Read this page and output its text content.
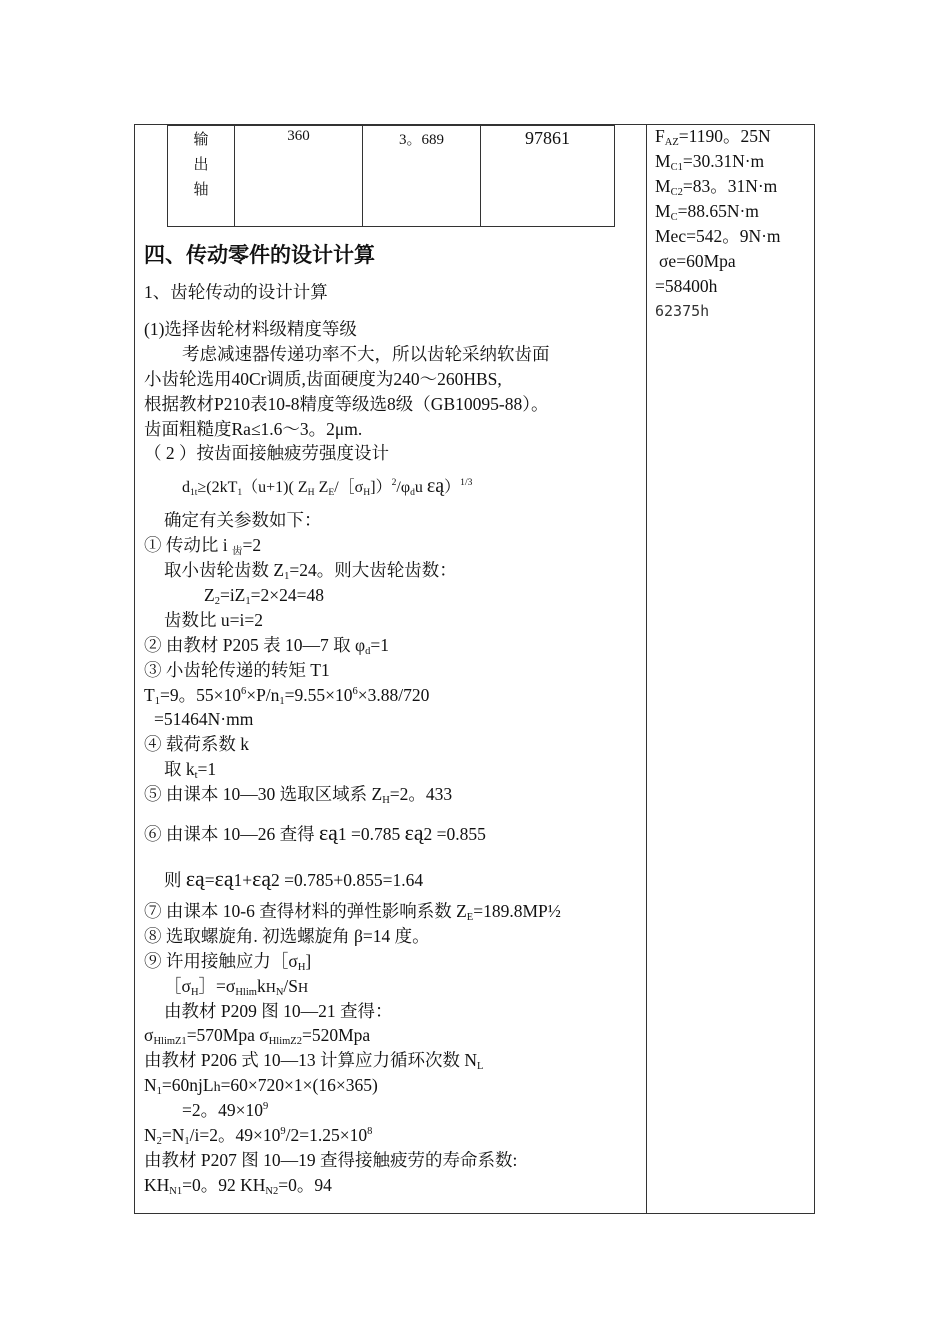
输
出
轴
	360	3。689	97861
四、传动零件的设计计算
1、齿轮传动的设计计算
(1)选择齿轮材料级精度等级
考虑减速器传递功率不大，所以齿轮采纳软齿面
小齿轮选用40Cr调质,齿面硬度为240～260HBS,
根据教材P210表10-8精度等级选8级（GB10095-88）。
齿面粗糙度Ra≤1.6～3。2μm.
（ 2 ）按齿面接触疲劳强度设计
$d_{1t}\ge(2kT_1(u+1)$( $Z_H$ $Z_E/[\sigma_H])^2/\varphi_du$ εą）$^{1/3}$
确定有关参数如下：
① 传动比 i $_齿$=2
取小齿轮齿数 $Z_1=24$。则大齿轮齿数：
$Z_2=iZ_1=2\times 24=48$
齿数比 u=i=2
② 由教材 P205 表 10—7 取 $\varphi_d=1$
③ 小齿轮传递的转矩 T1
$T_1=9$。$55\times 10^6\times P/n_1=9.55\times 10^6\times 3.88/720$
=51464N·mm
④ 载荷系数 k
取 $k_t=1$
⑤ 由课本 10—30 选取区域系 $Z_H=2$。433
⑥ 由课本 10—26 查得 εą1 =0.785 εą2 =0.855
则 εą=εą1+εą2 =0.785+0.855=1.64
⑦ 由课本 10-6 查得材料的弹性影响系数 $Z_E=189.8MP\frac{1}{2}$
⑧ 选取螺旋角. 初选螺旋角 β=14 度。
⑨ 许用接触应力$[\sigma_H$]
$[\sigma_H]=\sigma_{Hlim}kH_N/SH$
由教材 P209 图 10—21 查得：
$\sigma_{HlimZ1}=570Mpa$ $\sigma_{HlimZ2}=520Mpa$
由教材 P206 式 10—13 计算应力循环次数 $N_L$
$N_1=60njLh=60\times 720\times 1\times(16\times 365)$
=2。$49\times 10^9$
$N_2=N_1/i=2$。$49\times 10^9/2=1.25\times 10^8$
由教材 P207 图 10—19 查得接触疲劳的寿命系数:
$KH_{N1}=0$。92 $KH_{N2}=0$。94
$F_{AZ}=1190$。25N
$M_{C1}=30.31N\cdot m$
$M_{C2}=83$。31N·m
$M_C=88.65N\cdot m$
Mec=542。9N·m
σe=60Mpa
=58400h
62375h
